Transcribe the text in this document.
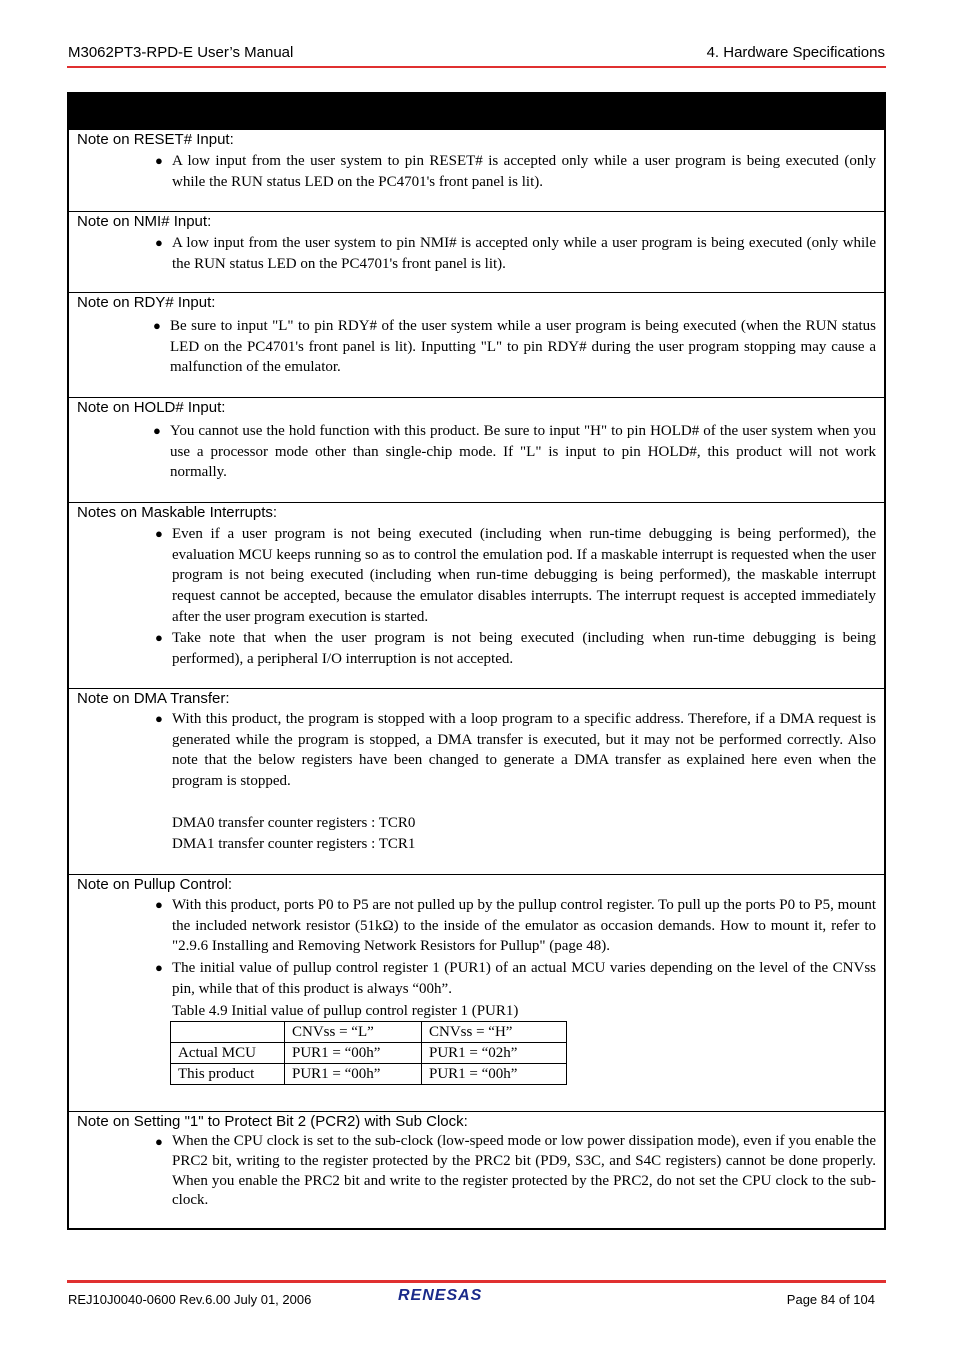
M3062PT3-RPD-E User’s Manual	4. Hardware Specifications
Note on RESET# Input:
● A low input from the user system to pin RESET# is accepted only while a user program is being executed (only while the RUN status LED on the PC4701's front panel is lit).
Note on NMI# Input:
● A low input from the user system to pin NMI# is accepted only while a user program is being executed (only while the RUN status LED on the PC4701's front panel is lit).
Note on RDY# Input:
● Be sure to input "L" to pin RDY# of the user system while a user program is being executed (when the RUN status LED on the PC4701's front panel is lit). Inputting "L" to pin RDY# during the user program stopping may cause a malfunction of the emulator.
Note on HOLD# Input:
● You cannot use the hold function with this product. Be sure to input "H" to pin HOLD# of the user system when you use a processor mode other than single-chip mode. If "L" is input to pin HOLD#, this product will not work normally.
Notes on Maskable Interrupts:
● Even if a user program is not being executed (including when run-time debugging is being performed), the evaluation MCU keeps running so as to control the emulation pod. If a maskable interrupt is requested when the user program is not being executed (including when run-time debugging is being performed), the maskable interrupt request cannot be accepted, because the emulator disables interrupts. The interrupt request is accepted immediately after the user program execution is started.
● Take note that when the user program is not being executed (including when run-time debugging is being performed), a peripheral I/O interruption is not accepted.
Note on DMA Transfer:
● With this product, the program is stopped with a loop program to a specific address. Therefore, if a DMA request is generated while the program is stopped, a DMA transfer is executed, but it may not be performed correctly. Also note that the below registers have been changed to generate a DMA transfer as explained here even when the program is stopped.
DMA0 transfer counter registers : TCR0
DMA1 transfer counter registers : TCR1
Note on Pullup Control:
● With this product, ports P0 to P5 are not pulled up by the pullup control register. To pull up the ports P0 to P5, mount the included network resistor (51kΩ) to the inside of the emulator as occasion demands. How to mount it, refer to "2.9.6 Installing and Removing Network Resistors for Pullup" (page 48).
● The initial value of pullup control register 1 (PUR1) of an actual MCU varies depending on the level of the CNVss pin, while that of this product is always “00h”.
Table 4.9 Initial value of pullup control register 1 (PUR1)
	CNVss = “L”	CNVss = “H”
Actual MCU	PUR1 = “00h”	PUR1 = “02h”
This product	PUR1 = “00h”	PUR1 = “00h”
Note on Setting "1" to Protect Bit 2 (PCR2) with Sub Clock:
● When the CPU clock is set to the sub-clock (low-speed mode or low power dissipation mode), even if you enable the PRC2 bit, writing to the register protected by the PRC2 bit (PD9, S3C, and S4C registers) cannot be done properly. When you enable the PRC2 bit and write to the register protected by the PRC2, do not set the CPU clock to the sub-clock.
REJ10J0040-0600 Rev.6.00 July 01, 2006	RENESAS	Page 84 of 104
